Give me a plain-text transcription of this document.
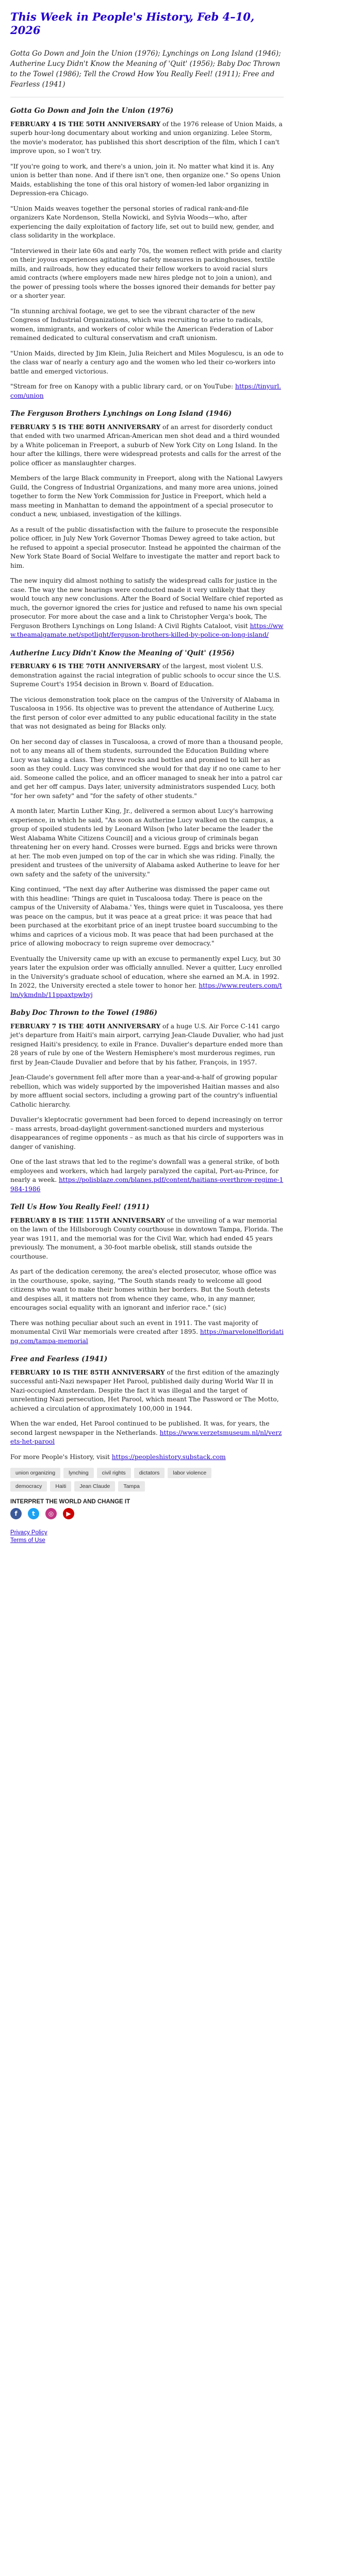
This Week in People's History, Feb 4–10, 2026
Gotta Go Down and Join the Union (1976); Lynchings on Long Island (1946); Autherine Lucy Didn't Know the Meaning of 'Quit' (1956); Baby Doc Thrown to the Towel (1986); Tell the Crowd How You Really Feel! (1911); Free and Fearless (1941)
Gotta Go Down and Join the Union (1976)

FEBRUARY 4 IS THE 50TH ANNIVERSARY of the 1976 release of Union Maids, a superb hour-long documentary about working and union organizing. Lelee Storm, the movie's moderator, has published this short description of the film, which I can't improve upon, so I won't try.

"If you're going to work, and there's a union, join it. No matter what kind it is. Any union is better than none. And if there isn't one, then organize one." So opens Union Maids, establishing the tone of this oral history of women-led labor organizing in Depression-era Chicago.

"Union Maids weaves together the personal stories of radical rank-and-file organizers Kate Nordenson, Stella Nowicki, and Sylvia Woods—who, after experiencing the daily exploitation of factory life, set out to build new, gender, and class solidarity in the workplace.

"Interviewed in their late 60s and early 70s, the women reflect with pride and clarity on their joyous experiences agitating for safety measures in packinghouses, textile mills, and railroads, how they educated their fellow workers to avoid racial slurs amid contracts (where employers made new hires pledge not to join a union), and the power of pressing tools where the bosses ignored their demands for better pay or a shorter year.

"In stunning archival footage, we get to see the vibrant character of the new Congress of Industrial Organizations, which was recruiting to arise to radicals, women, immigrants, and workers of color while the American Federation of Labor remained dedicated to cultural conservatism and craft unionism.

"Union Maids, directed by Jim Klein, Julia Reichert and Miles Mogulescu, is an ode to the class war of nearly a century ago and the women who led their co-workers into battle and emerged victorious.

"Stream for free on Kanopy with a public library card, or on YouTube: https://tinyurl.com/union

The Ferguson Brothers Lynchings on Long Island (1946)

FEBRUARY 5 IS THE 80TH ANNIVERSARY of an arrest for disorderly conduct that ended with two unarmed African-American men shot dead and a third wounded by a White policeman in Freeport, a suburb of New York City on Long Island. In the hour after the killings, there were widespread protests and calls for the arrest of the police officer as manslaughter charges.

Members of the large Black community in Freeport, along with the National Lawyers Guild, the Congress of Industrial Organizations, and many more area unions, joined together to form the New York Commission for Justice in Freeport, which held a mass meeting in Manhattan to demand the appointment of a special prosecutor to conduct a new, unbiased, investigation of the killings.

As a result of the public dissatisfaction with the failure to prosecute the responsible police officer, in July New York Governor Thomas Dewey agreed to take action, but he refused to appoint a special prosecutor. Instead he appointed the chairman of the New York State Board of Social Welfare to investigate the matter and report back to him.

The new inquiry did almost nothing to satisfy the widespread calls for justice in the case. The way the new hearings were conducted made it very unlikely that they would touch any new conclusions. After the Board of Social Welfare chief reported as much, the governor ignored the cries for justice and refused to name his own special prosecutor. For more about the case and a link to Christopher Verga's book, The Ferguson Brothers Lynchings on Long Island: A Civil Rights Cataloot, visit https://www.theamalgamate.net/spotlight/ferguson-brothers-killed-by-police-on-long-island/

Autherine Lucy Didn't Know the Meaning of 'Quit' (1956)

FEBRUARY 6 IS THE 70TH ANNIVERSARY of the largest, most violent U.S. demonstration against the racial integration of public schools to occur since the U.S. Supreme Court's 1954 decision in Brown v. Board of Education.

The vicious demonstration took place on the campus of the University of Alabama in Tuscaloosa in 1956. Its objective was to prevent the attendance of Autherine Lucy, the first person of color ever admitted to any public educational facility in the state that was not designated as being for Blacks only.

On her second day of classes in Tuscaloosa, a crowd of more than a thousand people, not to any means all of them students, surrounded the Education Building where Lucy was taking a class. They threw rocks and bottles and promised to kill her as soon as they could. Lucy was convinced she would for that day if no one came to her aid. Someone called the police, and an officer managed to sneak her into a patrol car and get her off campus. Days later, university administrators suspended Lucy, both "for her own safety" and "for the safety of other students."

A month later, Martin Luther King, Jr., delivered a sermon about Lucy's harrowing experience, in which he said, "As soon as Autherine Lucy walked on the campus, a group of spoiled students led by Leonard Wilson [who later became the leader the West Alabama White Citizens Council] and a vicious group of criminals began threatening her on every hand. Crosses were burned. Eggs and bricks were thrown at her. The mob even jumped on top of the car in which she was riding. Finally, the president and trustees of the university of Alabama asked Autherine to leave for her own safety and the safety of the university."

King continued, "The next day after Autherine was dismissed the paper came out with this headline: 'Things are quiet in Tuscaloosa today. There is peace on the campus of the University of Alabama.' Yes, things were quiet in Tuscaloosa, yes there was peace on the campus, but it was peace at a great price: it was peace that had been purchased at the exorbitant price of an inept trustee board succumbing to the whims and caprices of a vicious mob. It was peace that had been purchased at the price of allowing mobocracy to reign supreme over democracy."

Eventually the University came up with an excuse to permanently expel Lucy, but 30 years later the expulsion order was officially annulled. Never a quitter, Lucy enrolled in the University's graduate school of education, where she earned an M.A. in 1992. In 2022, the University erected a stele tower to honor her. https://www.reuters.com/tlm/ykmdnb/11ppaxtpwbyj

Baby Doc Thrown to the Towel (1986)

FEBRUARY 7 IS THE 40TH ANNIVERSARY of a huge U.S. Air Force C-141 cargo jet's departure from Haiti's main airport, carrying Jean-Claude Duvalier, who had just resigned Haiti's presidency, to exile in France. Duvalier's departure ended more than 28 years of rule by one of the Western Hemisphere's most murderous regimes, run first by Jean-Claude Duvalier and before that by his father, François, in 1957.

Jean-Claude's government fell after more than a year-and-a-half of growing popular rebellion, which was widely supported by the impoverished Haitian masses and also by more affluent social sectors, including a growing part of the country's influential Catholic hierarchy.

Duvalier's kleptocratic government had been forced to depend increasingly on terror – mass arrests, broad-daylight government-sanctioned murders and mysterious disappearances of regime opponents – as much as that his circle of supporters was in danger of vanishing.

One of the last straws that led to the regime's downfall was a general strike, of both employees and workers, which had largely paralyzed the capital, Port-au-Prince, for nearly a week. https://polisblaze.com/blanes.pdf/content/haitians-overthrow-regime-1984-1986

Tell Us How You Really Feel! (1911)

FEBRUARY 8 IS THE 115TH ANNIVERSARY of the unveiling of a war memorial on the lawn of the Hillsborough County courthouse in downtown Tampa, Florida. The year was 1911, and the memorial was for the Civil War, which had ended 45 years previously. The monument, a 30-foot marble obelisk, still stands outside the courthouse.

As part of the dedication ceremony, the area's elected prosecutor, whose office was in the courthouse, spoke, saying, "The South stands ready to welcome all good citizens who want to make their homes within her borders. But the South detests and despises all, it matters not from whence they came, who, in any manner, encourages social equality with an ignorant and inferior race." (sic)

There was nothing peculiar about such an event in 1911. The vast majority of monumental Civil War memorials were created after 1895. https://marvelonelfloridating.com/tampa-memorial

Free and Fearless (1941)

FEBRUARY 10 IS THE 85TH ANNIVERSARY of the first edition of the amazingly successful anti-Nazi newspaper Het Parool, published daily during World War II in Nazi-occupied Amsterdam. Despite the fact it was illegal and the target of unrelenting Nazi persecution, Het Parool, which meant The Password or The Motto, achieved a circulation of approximately 100,000 in 1944.

When the war ended, Het Parool continued to be published. It was, for years, the second largest newspaper in the Netherlands. https://www.verzetsmuseum.nl/nl/verzets-het-parool

For more People's History, visit https://peopleshistory.substack.com

union organizing	lynching	civil rights	dictators	labor violence
democracy	Haiti	Jean Claude	Tampa
INTERPRET THE WORLD AND CHANGE IT
f	t	◎	▶
Privacy Policy
Terms of Use
